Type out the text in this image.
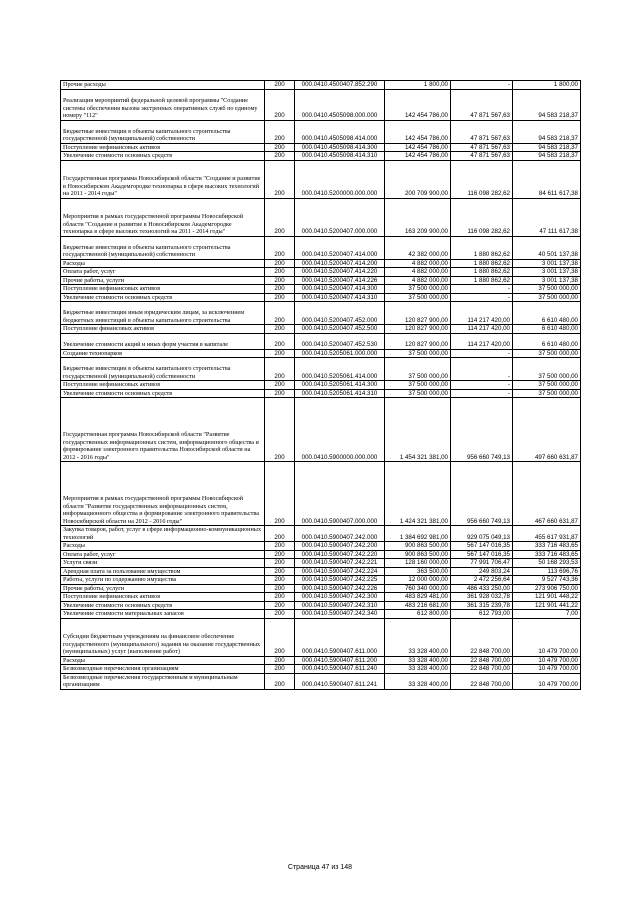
Прочие расходы	200	000.0410.4500407.852.290	1 800,00	-	1 800,00
Реализация мероприятий федеральной целевой программы "Создание системы обеспечения вызова экстренных оперативных служб по единому номеру "112"	200	000.0410.4505098.000.000	142 454 786,00	47 871 567,63	94 583 218,37
Бюджетные инвестиции в объекты капитального строительства государственной (муниципальной) собственности	200	000.0410.4505098.414.000	142 454 786,00	47 871 567,63	94 583 218,37
Поступление нефинансовых активов	200	000.0410.4505098.414.300	142 454 786,00	47 871 567,63	94 583 218,37
Увеличение стоимости основных средств	200	000.0410.4505098.414.310	142 454 786,00	47 871 567,63	94 583 218,37
Государственная программа Новосибирской области "Создание и развитие в Новосибирском Академгородке технопарка в сфере высоких технологий на 2011 - 2014 годы"	200	000.0410.5200000.000.000	200 709 900,00	116 098 282,62	84 611 617,38
Мероприятия в рамках государственной программы Новосибирской области "Создание и развитие в Новосибирском Академгородке технопарка в сфере высоких технологий на 2011 - 2014 годы"	200	000.0410.5200407.000.000	163 209 900,00	116 098 282,62	47 111 617,38
Бюджетные инвестиции в объекты капитального строительства государственной (муниципальной) собственности	200	000.0410.5200407.414.000	42 382 000,00	1 880 862,62	40 501 137,38
Расходы	200	000.0410.5200407.414.200	4 882 000,00	1 880 862,62	3 001 137,38
Оплата работ, услуг	200	000.0410.5200407.414.220	4 882 000,00	1 880 862,62	3 001 137,38
Прочие работы, услуги	200	000.0410.5200407.414.226	4 882 000,00	1 880 862,62	3 001 137,38
Поступление нефинансовых активов	200	000.0410.5200407.414.300	37 500 000,00	-	37 500 000,00
Увеличение стоимости основных средств	200	000.0410.5200407.414.310	37 500 000,00	-	37 500 000,00
Бюджетные инвестиции иным юридическим лицам, за исключением бюджетных инвестиций в объекты капитального строительства	200	000.0410.5200407.452.000	120 827 900,00	114 217 420,00	6 610 480,00
Поступление финансовых активов	200	000.0410.5200407.452.500	120 827 900,00	114 217 420,00	6 610 480,00
Увеличение стоимости акций и иных форм участия в капитале	200	000.0410.5200407.452.530	120 827 900,00	114 217 420,00	6 610 480,00
Создание технопарков	200	000.0410.5205061.000.000	37 500 000,00	-	37 500 000,00
Бюджетные инвестиции в объекты капитального строительства государственной (муниципальной) собственности	200	000.0410.5205061.414.000	37 500 000,00	-	37 500 000,00
Поступление нефинансовых активов	200	000.0410.5205061.414.300	37 500 000,00	-	37 500 000,00
Увеличение стоимости основных средств	200	000.0410.5205061.414.310	37 500 000,00	-	37 500 000,00
Государственная программа Новосибирской области "Развитие государственных информационных систем, информационного общества и формирование электронного правительства Новосибирской области на 2012 - 2016 годы"	200	000.0410.5900000.000.000	1 454 321 381,00	956 660 749,13	497 660 631,87
Мероприятия в рамках государственной программы Новосибирской области "Развитие государственных информационных систем, информационного общества и формирование электронного правительства Новосибирской области на 2012 - 2016 годы"	200	000.0410.5900407.000.000	1 424 321 381,00	956 660 749,13	467 660 631,87
Закупка товаров, работ, услуг в сфере информационно-коммуникационных технологий	200	000.0410.5900407.242.000	1 384 692 981,00	929 075 049,13	455 617 931,87
Расходы	200	000.0410.5900407.242.200	900 863 500,00	567 147 016,35	333 716 483,65
Оплата работ, услуг	200	000.0410.5900407.242.220	900 863 500,00	567 147 016,35	333 716 483,65
Услуги связи	200	000.0410.5900407.242.221	128 160 000,00	77 991 706,47	50 168 293,53
Арендная плата за пользование имуществом	200	000.0410.5900407.242.224	363 500,00	249 803,24	113 696,76
Работы, услуги по содержанию имущества	200	000.0410.5900407.242.225	12 000 000,00	2 472 256,64	9 527 743,36
Прочие работы, услуги	200	000.0410.5900407.242.226	760 340 000,00	486 433 250,00	273 906 750,00
Поступление нефинансовых активов	200	000.0410.5900407.242.300	483 829 481,00	361 928 032,78	121 901 448,22
Увеличение стоимости основных средств	200	000.0410.5900407.242.310	483 216 681,00	361 315 239,78	121 901 441,22
Увеличение стоимости материальных запасов	200	000.0410.5900407.242.340	612 800,00	612 793,00	7,00
Субсидии бюджетным учреждениям на финансовое обеспечение государственного (муниципального) задания на оказание государственных (муниципальных) услуг (выполнение работ)	200	000.0410.5900407.611.000	33 328 400,00	22 848 700,00	10 479 700,00
Расходы	200	000.0410.5900407.611.200	33 328 400,00	22 848 700,00	10 479 700,00
Безвозмездные перечисления организациям	200	000.0410.5900407.611.240	33 328 400,00	22 848 700,00	10 479 700,00
Безвозмездные перечисления государственным и муниципальным организациям	200	000.0410.5900407.611.241	33 328 400,00	22 848 700,00	10 479 700,00
Страница 47 из 148
